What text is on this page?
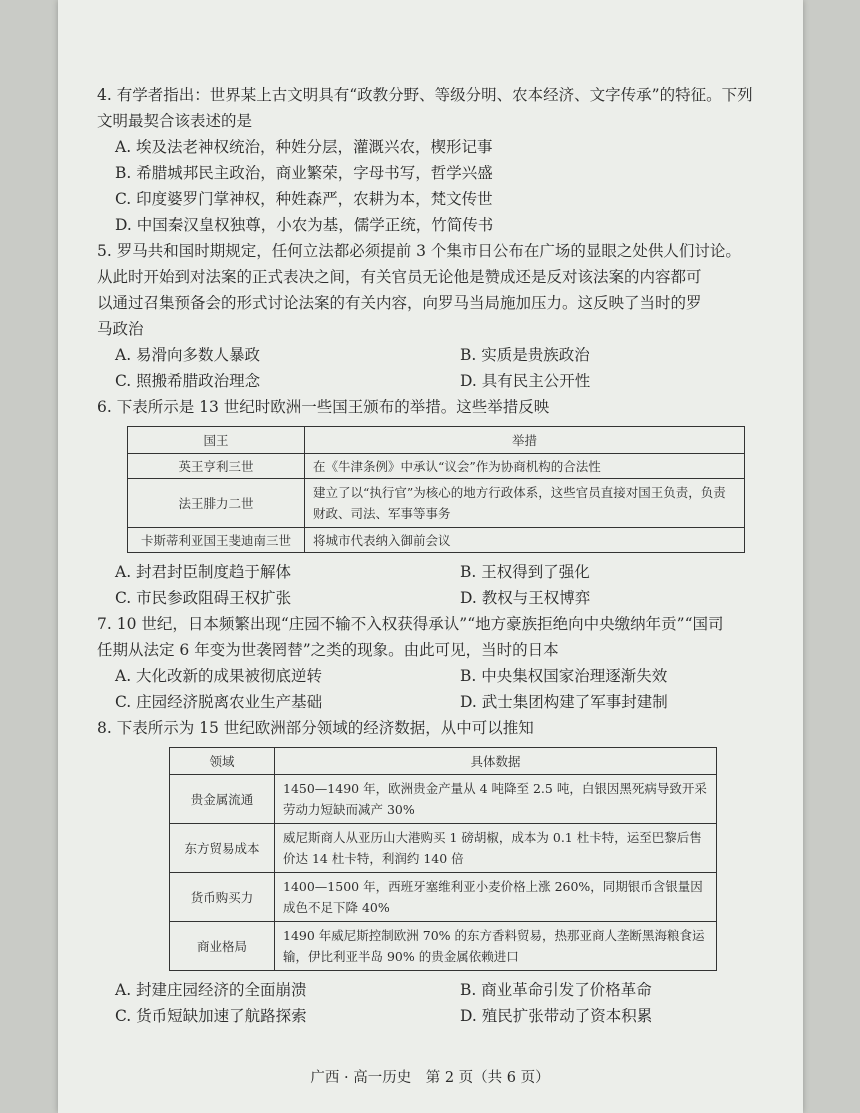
4. 有学者指出：世界某上古文明具有“政教分野、等级分明、农本经济、文字传承”的特征。下列
文明最契合该表述的是
A. 埃及法老神权统治，种姓分层，灌溉兴农，楔形记事
B. 希腊城邦民主政治，商业繁荣，字母书写，哲学兴盛
C. 印度婆罗门掌神权，种姓森严，农耕为本，梵文传世
D. 中国秦汉皇权独尊，小农为基，儒学正统，竹简传书
5. 罗马共和国时期规定，任何立法都必须提前 3 个集市日公布在广场的显眼之处供人们讨论。
从此时开始到对法案的正式表决之间，有关官员无论他是赞成还是反对该法案的内容都可
以通过召集预备会的形式讨论法案的有关内容，向罗马当局施加压力。这反映了当时的罗
马政治
A. 易滑向多数人暴政	B. 实质是贵族政治
C. 照搬希腊政治理念	D. 具有民主公开性
6. 下表所示是 13 世纪时欧洲一些国王颁布的举措。这些举措反映
国王	举措
英王亨利三世	在《牛津条例》中承认“议会”作为协商机构的合法性
法王腓力二世	建立了以“执行官”为核心的地方行政体系，这些官员直接对国王负责，负责财政、司法、军事等事务
卡斯蒂利亚国王斐迪南三世	将城市代表纳入御前会议
A. 封君封臣制度趋于解体	B. 王权得到了强化
C. 市民参政阻碍王权扩张	D. 教权与王权博弈
7. 10 世纪，日本频繁出现“庄园不输不入权获得承认”“地方豪族拒绝向中央缴纳年贡”“国司
任期从法定 6 年变为世袭罔替”之类的现象。由此可见，当时的日本
A. 大化改新的成果被彻底逆转	B. 中央集权国家治理逐渐失效
C. 庄园经济脱离农业生产基础	D. 武士集团构建了军事封建制
8. 下表所示为 15 世纪欧洲部分领域的经济数据，从中可以推知
领域	具体数据
贵金属流通	1450—1490 年，欧洲贵金产量从 4 吨降至 2.5 吨，白银因黑死病导致开采劳动力短缺而减产 30%
东方贸易成本	威尼斯商人从亚历山大港购买 1 磅胡椒，成本为 0.1 杜卡特，运至巴黎后售价达 14 杜卡特，利润约 140 倍
货币购买力	1400—1500 年，西班牙塞维利亚小麦价格上涨 260%，同期银币含银量因成色不足下降 40%
商业格局	1490 年威尼斯控制欧洲 70% 的东方香料贸易，热那亚商人垄断黑海粮食运输，伊比利亚半岛 90% 的贵金属依赖进口
A. 封建庄园经济的全面崩溃	B. 商业革命引发了价格革命
C. 货币短缺加速了航路探索	D. 殖民扩张带动了资本积累
广西 · 高一历史　第 2 页（共 6 页）
